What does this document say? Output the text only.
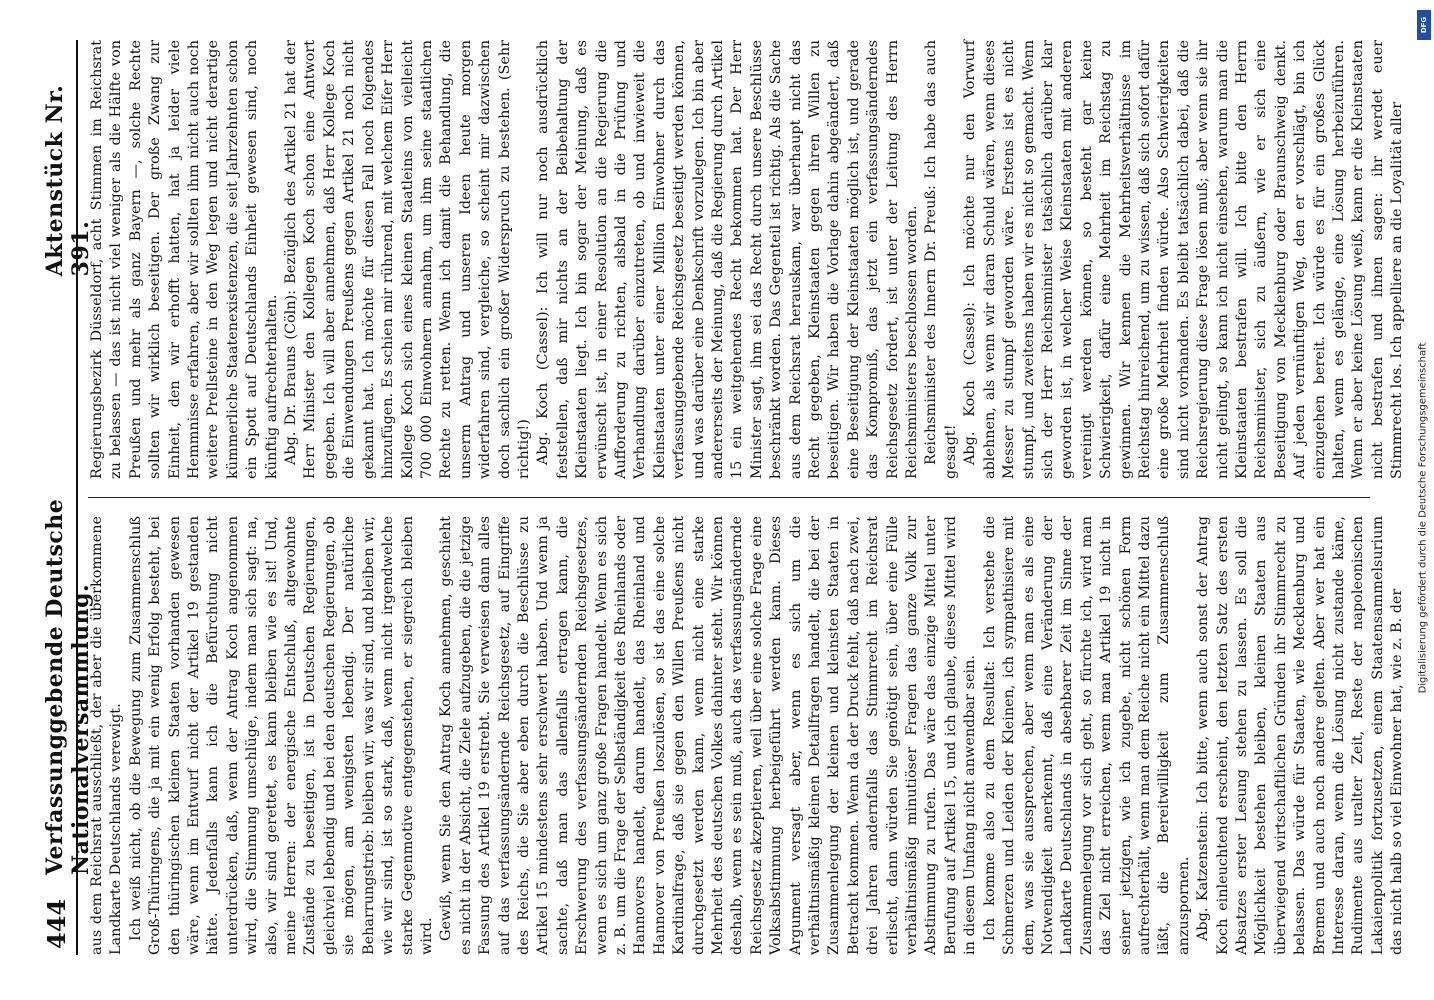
444
Verfassunggebende Deutsche Nationalversammlung.
Aktenstück Nr. 391.

aus dem Reichsrat ausschließt, der aber die überkommene Landkarte Deutschlands verewigt. Ich weiß nicht, ob die Bewegung zum Zusammenschluß Groß-Thüringens, die ja mit ein wenig Erfolg besteht, bei den thüringischen kleinen Staaten vorhanden gewesen wäre, wenn im Entwurf nicht der Artikel 19 gestanden hätte. Jedenfalls kann ich die Befürchtung nicht unterdrücken, daß, wenn der Antrag Koch angenommen wird, die Stimmung umschlüge, indem man sich sagt: na, also, wir sind gerettet, es kann bleiben wie es ist! Und, meine Herren: der energische Entschluß, altgewohnte Zustände zu beseitigen, ist in Deutschen Regierungen, gleichviel lebendig und bei den deutschen Regierungen, ob sie mögen, am wenigsten lebendig. Der natürliche Beharrungstrieb: bleiben wir, was wir sind, und bleiben wir, wie wir sind, ist so stark, daß, wenn nicht irgendwelche starke Gegenmotive entgegenstehen, er siegreich bleiben wird. Gewiß, wenn Sie den Antrag Koch annehmen, geschieht es nicht in der Absicht, die Ziele aufzugeben, die die jetzige Fassung des Artikel 19 erstrebt. Sie verweisen dann alles auf das verfassungsändernde Reichsgesetz, auf Eingriffe des Reichs, die Sie aber eben durch die Beschlüsse zu Artikel 15 mindestens sehr erschwert haben. Und wenn ja sachte, daß man das allenfalls ertragen kann, die Erschwerung des verfassungsändernden Reichsgesetzes, wenn es sich um ganz große Fragen handelt. Wenn es sich z. B. um die Frage der Selbständigkeit des Rheinlands oder Hannovers handelt, darum handelt, das Rheinland und Hannover von Preußen loszulösen, so ist das eine solche Kardinalfrage, daß sie gegen den Willen Preußens nicht durchgesetzt werden kann, wenn nicht eine starke Mehrheit des deutschen Volkes dahinter steht. Wir können deshalb, wenn es sein muß, auch das verfassungsändernde Reichsgesetz akzeptieren, weil über eine solche Frage eine Volksabstimmung herbeigeführt werden kann. Dieses Argument versagt aber, wenn es sich um die verhältnismäßig kleinen Detailfragen handelt, die bei der Zusammenlegung der kleinen und kleinsten Staaten in Betracht kommen. Wenn da der Druck fehlt, daß nach zwei, drei Jahren andernfalls das Stimmrecht im Reichsrat erlischt, dann würden Sie genötigt sein, über eine Fülle verhältnismäßig minutiöser Fragen das ganze Volk zur Abstimmung zu rufen. Das wäre das einzige Mittel unter Berufung auf Artikel 15, und ich glaube, dieses Mittel wird in diesem Umfang nicht anwendbar sein. Ich komme also zu dem Resultat: Ich verstehe die Schmerzen und Leiden der Kleinen, ich sympathisiere mit dem, was sie aussprechen, aber wenn man es als eine Notwendigkeit anerkennt, daß eine Veränderung der Landkarte Deutschlands in absehbarer Zeit im Sinne der Zusammenlegung vor sich geht, so fürchte ich, wird man das Ziel nicht erreichen, wenn man Artikel 19 nicht in seiner jetzigen, wie ich zugebe, nicht schönen Form aufrechterhält, wenn man dem Reiche nicht ein Mittel dazu läßt, die Bereitwilligkeit zum Zusammenschluß anzuspornen. Abg. Katzenstein: Ich bitte, wenn auch sonst der Antrag Koch einleuchtend erscheint, den letzten Satz des ersten Absatzes erster Lesung stehen zu lassen. Es soll die Möglichkeit bestehen bleiben, kleinen Staaten aus überwiegend wirtschaftlichen Gründen ihr Stimmrecht zu belassen. Das würde für Staaten, wie Mecklenburg und Bremen und auch noch andere gelten. Aber wer hat ein Interesse daran, wenn die Lösung nicht zustande käme, Rudimente aus uralter Zeit, Reste der napoleonischen Lakaienpolitik fortzusetzen, einem Staatensammelsurium das nicht halb so viel Einwohner hat, wie z. B. der

Regierungsbezirk Düsseldorf, acht Stimmen im Reichsrat zu belassen — das ist nicht viel weniger als die Hälfte von Preußen und mehr als ganz Bayern —, solche Rechte sollten wir wirklich beseitigen. Der große Zwang zur Einheit, den wir erhofft hatten, hat ja leider viele Hemmnisse erfahren, aber wir sollten ihm nicht auch noch weitere Prellsteine in den Weg legen und nicht derartige kümmerliche Staatenexistenzen, die seit Jahrzehnten schon ein Spott auf Deutschlands Einheit gewesen sind, noch künftig aufrechterhalten. Abg. Dr. Brauns (Cöln): Bezüglich des Artikel 21 hat der Herr Minister den Kollegen Koch schon eine Antwort gegeben. Ich will aber annehmen, daß Herr Kollege Koch die Einwendungen Preußens gegen Artikel 21 noch nicht gekannt hat. Ich möchte für diesen Fall noch folgendes hinzufügen. Es schien mir rührend, mit welchem Eifer Herr Kollege Koch sich eines kleinen Staatleins von vielleicht 700 000 Einwohnern annahm, um ihm seine staatlichen Rechte zu retten. Wenn ich damit die Behandlung, die unserm Antrag und unseren Ideen heute morgen widerfahren sind, vergleiche, so scheint mir dazwischen doch sachlich ein großer Widerspruch zu bestehen. (Sehr richtig!) Abg. Koch (Cassel): Ich will nur noch ausdrücklich feststellen, daß mir nichts an der Beibehaltung der Kleinstaaten liegt. Ich bin sogar der Meinung, daß es erwünscht ist, in einer Resolution an die Regierung die Aufforderung zu richten, alsbald in die Prüfung und Verhandlung darüber einzutreten, ob und inwieweit die Kleinstaaten unter einer Million Einwohner durch das verfassunggebende Reichsgesetz beseitigt werden können, und was darüber eine Denkschrift vorzulegen. Ich bin aber andererseits der Meinung, daß die Regierung durch Artikel 15 ein weitgehendes Recht bekommen hat. Der Herr Minister sagt, ihm sei das Recht durch unsere Beschlüsse beschränkt worden. Das Gegenteil ist richtig. Als die Sache aus dem Reichsrat herauskam, war überhaupt nicht das Recht gegeben, Kleinstaaten gegen ihren Willen zu beseitigen. Wir haben die Vorlage dahin abgeändert, daß eine Beseitigung der Kleinstaaten möglich ist, und gerade das Kompromiß, das jetzt ein verfassungsänderndes Reichsgesetz fordert, ist unter der Leitung des Herrn Reichsministers beschlossen worden. Reichsminister des Innern Dr. Preuß: Ich habe das auch gesagt! Abg. Koch (Cassel): Ich möchte nur den Vorwurf ablehnen, als wenn wir daran Schuld wären, wenn dieses Messer zu stumpf geworden wäre. Erstens ist es nicht stumpf, und zweitens haben wir es nicht so gemacht. Wenn sich der Herr Reichsminister tatsächlich darüber klar geworden ist, in welcher Weise Kleinstaaten mit anderen vereinigt werden können, so besteht gar keine Schwierigkeit, dafür eine Mehrheit im Reichstag zu gewinnen. Wir kennen die Mehrheitsverhältnisse im Reichstag hinreichend, um zu wissen, daß sich sofort dafür eine große Mehrheit finden würde. Also Schwierigkeiten sind nicht vorhanden. Es bleibt tatsächlich dabei, daß die Reichsregierung diese Frage lösen muß; aber wenn sie ihr nicht gelingt, so kann ich nicht einsehen, warum man die Kleinstaaten bestrafen will. Ich bitte den Herrn Reichsminister, sich zu äußern, wie er sich eine Beseitigung von Mecklenburg oder Braunschweig denkt. Auf jeden vernünftigen Weg, den er vorschlägt, bin ich einzugehen bereit. Ich würde es für ein großes Glück halten, wenn es gelänge, eine Lösung herbeizuführen. Wenn er aber keine Lösung weiß, kann er die Kleinstaaten nicht bestrafen und ihnen sagen: ihr werdet euer Stimmrecht los. Ich appelliere an die Loyalität aller

DFG
Digitalisierung gefördert durch die Deutsche Forschungsgemeinschaft
